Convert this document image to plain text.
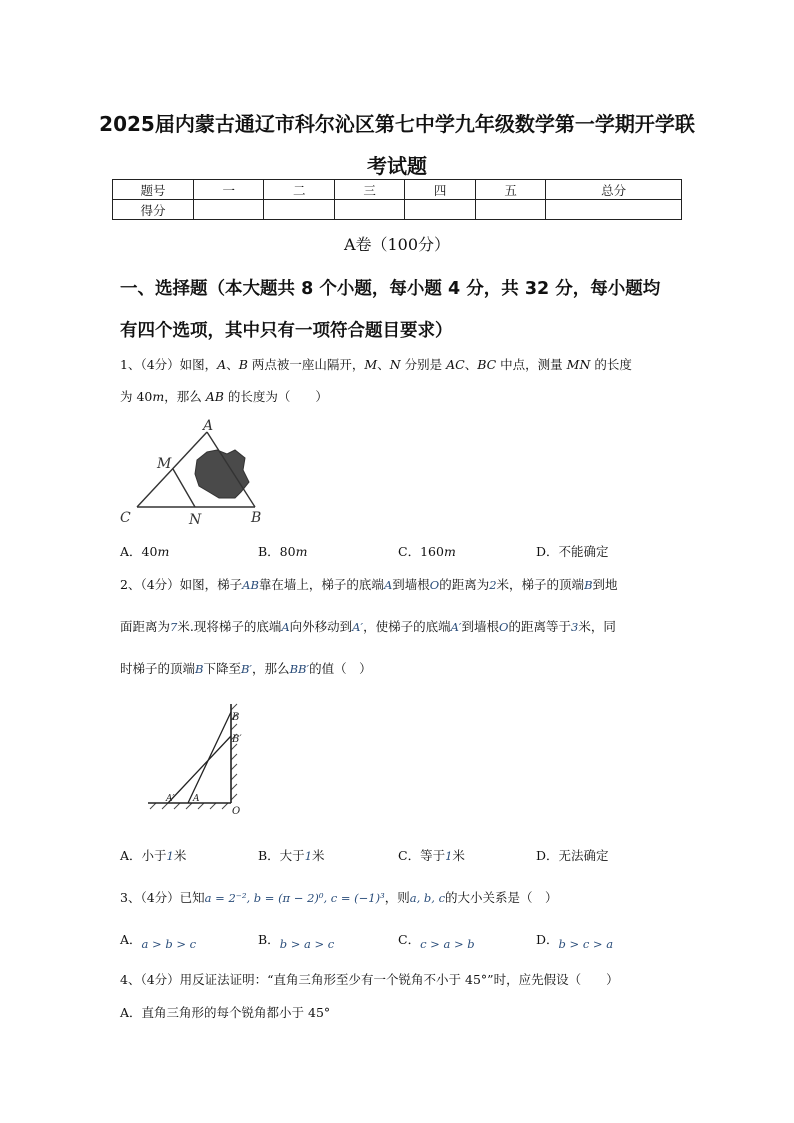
2025届内蒙古通辽市科尔沁区第七中学九年级数学第一学期开学联
考试题
题号	一	二	三	四	五	总分
得分						
A卷（100分）
一、选择题（本大题共 8 个小题，每小题 4 分，共 32 分，每小题均
有四个选项，其中只有一项符合题目要求）
1、（4分）如图，A、B 两点被一座山隔开，M、N 分别是 AC、BC 中点，测量 MN 的长度
为 40m，那么 AB 的长度为（　　）
A
M
C	N	B
A．40m	B．80m	C．160m	D．不能确定
2、（4分）如图，梯子AB靠在墙上，梯子的底端A到墙根O的距离为2米，梯子的顶端B到地
面距离为7米.现将梯子的底端A向外移动到A′，使梯子的底端A′到墙根O的距离等于3米，同
时梯子的顶端B下降至B′，那么BB′的值（　）
B
B′
A′ A
O
A．小于1米	B．大于1米	C．等于1米	D．无法确定
3、（4分）已知a = 2⁻², b = (π − 2)⁰, c = (−1)³，则a, b, c的大小关系是（　）
A．a > b > c	B．b > a > c	C．c > a > b	D．b > c > a
4、（4分）用反证法证明：“直角三角形至少有一个锐角不小于 45°”时，应先假设（　　）
A．直角三角形的每个锐角都小于 45°
